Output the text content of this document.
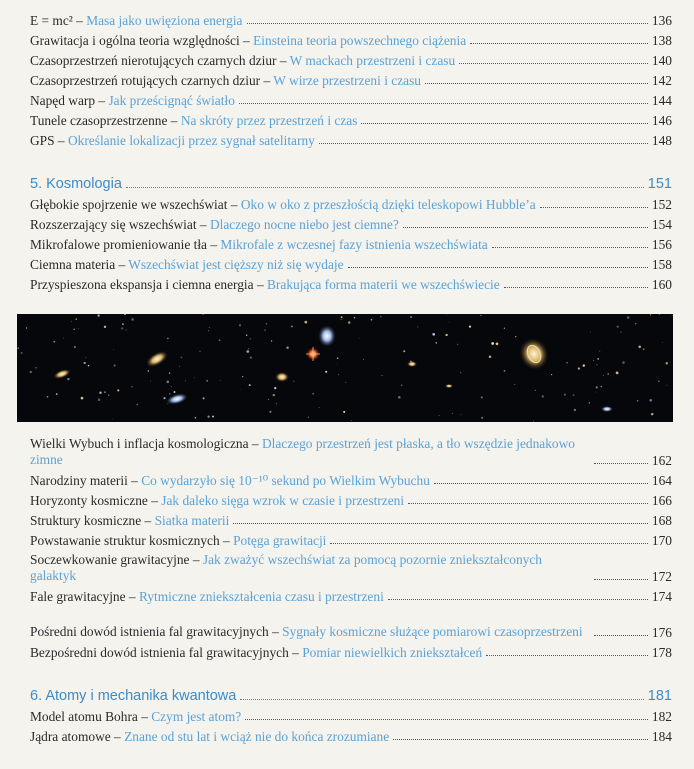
E = mc² – Masa jako uwięziona energia	136
Grawitacja i ogólna teoria względności – Einsteina teoria powszechnego ciążenia	138
Czasoprzestrzeń nierotujących czarnych dziur – W mackach przestrzeni i czasu	140
Czasoprzestrzeń rotujących czarnych dziur – W wirze przestrzeni i czasu	142
Napęd warp – Jak prześcignąć światło	144
Tunele czasoprzestrzenne – Na skróty przez przestrzeń i czas	146
GPS – Określanie lokalizacji przez sygnał satelitarny	148
5. Kosmologia	151
Głębokie spojrzenie we wszechświat – Oko w oko z przeszłością dzięki teleskopowi Hubble’a	152
Rozszerzający się wszechświat – Dlaczego nocne niebo jest ciemne?	154
Mikrofalowe promieniowanie tła – Mikrofale z wczesnej fazy istnienia wszechświata	156
Ciemna materia – Wszechświat jest cięższy niż się wydaje	158
Przyspieszona ekspansja i ciemna energia – Brakująca forma materii we wszechświecie	160
Wielki Wybuch i inflacja kosmologiczna – Dlaczego przestrzeń jest płaska, a tło wszędzie jednakowo zimne	162
Narodziny materii – Co wydarzyło się 10⁻¹⁰ sekund po Wielkim Wybuchu	164
Horyzonty kosmiczne – Jak daleko sięga wzrok w czasie i przestrzeni	166
Struktury kosmiczne – Siatka materii	168
Powstawanie struktur kosmicznych – Potęga grawitacji	170
Soczewkowanie grawitacyjne – Jak zważyć wszechświat za pomocą pozornie zniekształconych galaktyk	172
Fale grawitacyjne – Rytmiczne zniekształcenia czasu i przestrzeni	174
Pośredni dowód istnienia fal grawitacyjnych – Sygnały kosmiczne służące pomiarowi czasoprzestrzeni	176
Bezpośredni dowód istnienia fal grawitacyjnych – Pomiar niewielkich zniekształceń	178
6. Atomy i mechanika kwantowa	181
Model atomu Bohra – Czym jest atom?	182
Jądra atomowe – Znane od stu lat i wciąż nie do końca zrozumiane	184
